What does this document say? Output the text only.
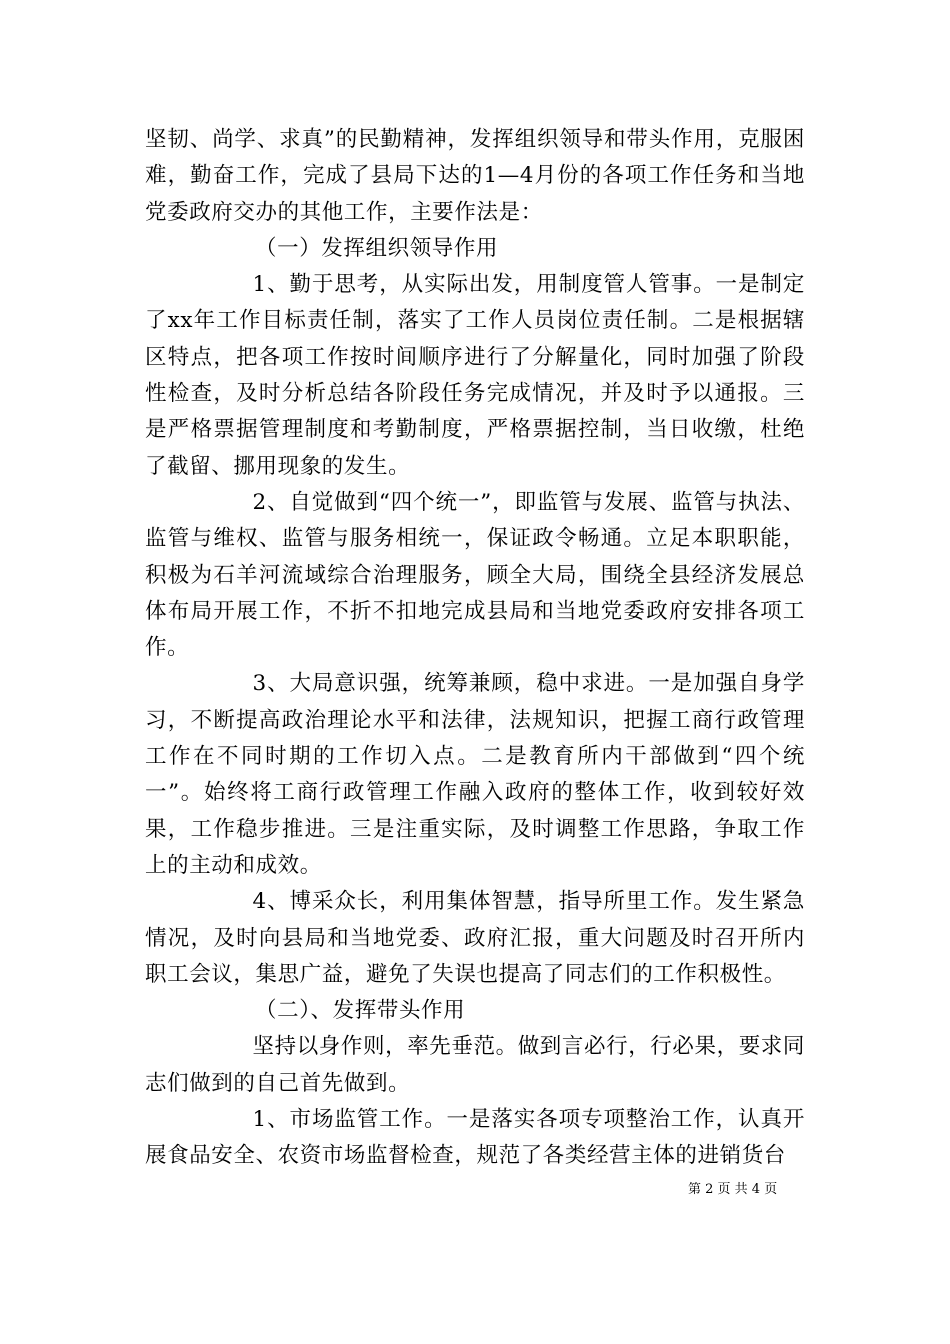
坚韧、尚学、求真”的民勤精神，发挥组织领导和带头作用，克服困难，勤奋工作，完成了县局下达的1—4月份的各项工作任务和当地党委政府交办的其他工作，主要作法是：

（一）发挥组织领导作用

1、勤于思考，从实际出发，用制度管人管事。一是制定了xx年工作目标责任制，落实了工作人员岗位责任制。二是根据辖区特点，把各项工作按时间顺序进行了分解量化，同时加强了阶段性检查，及时分析总结各阶段任务完成情况，并及时予以通报。三是严格票据管理制度和考勤制度，严格票据控制，当日收缴，杜绝了截留、挪用现象的发生。

2、自觉做到“四个统一”，即监管与发展、监管与执法、监管与维权、监管与服务相统一，保证政令畅通。立足本职职能，积极为石羊河流域综合治理服务，顾全大局，围绕全县经济发展总体布局开展工作，不折不扣地完成县局和当地党委政府安排各项工作。

3、大局意识强，统筹兼顾，稳中求进。一是加强自身学习，不断提高政治理论水平和法律，法规知识，把握工商行政管理工作在不同时期的工作切入点。二是教育所内干部做到“四个统一”。始终将工商行政管理工作融入政府的整体工作，收到较好效果，工作稳步推进。三是注重实际，及时调整工作思路，争取工作上的主动和成效。

4、博采众长，利用集体智慧，指导所里工作。发生紧急情况，及时向县局和当地党委、政府汇报，重大问题及时召开所内职工会议，集思广益，避免了失误也提高了同志们的工作积极性。

（二）、发挥带头作用

坚持以身作则，率先垂范。做到言必行，行必果，要求同志们做到的自己首先做到。

1、市场监管工作。一是落实各项专项整治工作，认真开展食品安全、农资市场监督检查，规范了各类经营主体的进销货台

第 2 页 共 4 页
